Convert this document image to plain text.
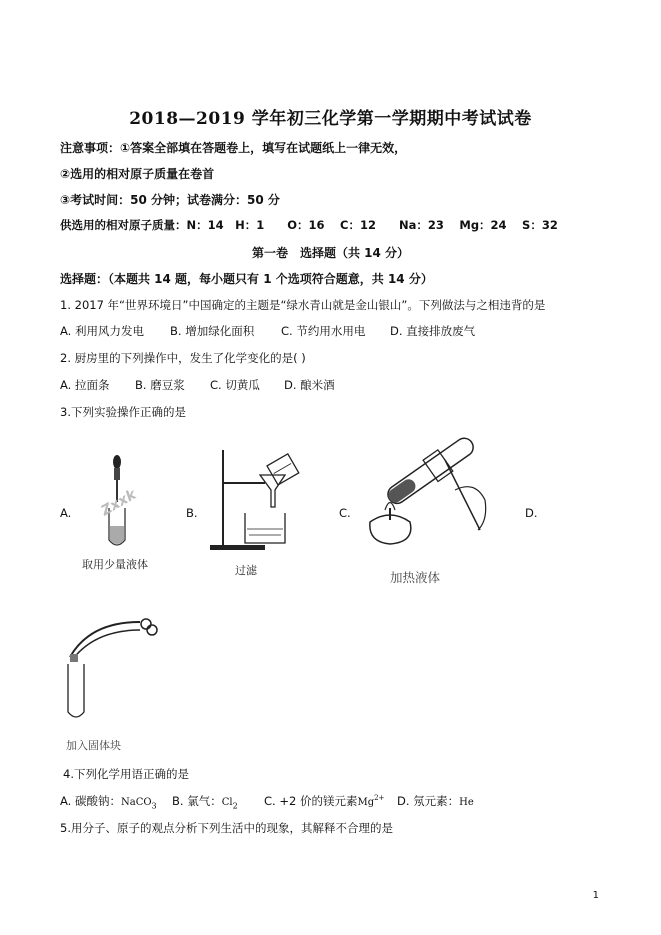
2018—2019 学年初三化学第一学期期中考试试卷
注意事项：①答案全部填在答题卷上，填写在试题纸上一律无效，
②选用的相对原子质量在卷首
③考试时间：50 分钟；试卷满分：50 分
供选用的相对原子质量：N：14　H：1　　O：16　 C：12　　Na：23　 Mg：24　 S：32
第一卷　选择题（共 14 分）
选择题：（本题共 14 题，每小题只有 1 个选项符合题意，共 14 分）
1. 2017 年“世界环境日”中国确定的主题是“绿水青山就是金山银山”。下列做法与之相违背的是
A. 利用风力发电 B. 增加绿化面积 C. 节约用水用电 D. 直接排放废气
2. 厨房里的下列操作中，发生了化学变化的是( )
A. 拉面条 B. 磨豆浆 C. 切黄瓜 D. 酿米酒
3.下列实验操作正确的是
A.	B.	C.	D.
Zxxk
取用少量液体	过滤	加热液体
加入固体块
4.下列化学用语正确的是
A. 碳酸钠：NaCO$_3$ B. 氯气：$Cl_2$ C. +2 价的镁元素$Mg^{2+}$ D. 氖元素：He
5.用分子、原子的观点分析下列生活中的现象，其解释不合理的是
1
